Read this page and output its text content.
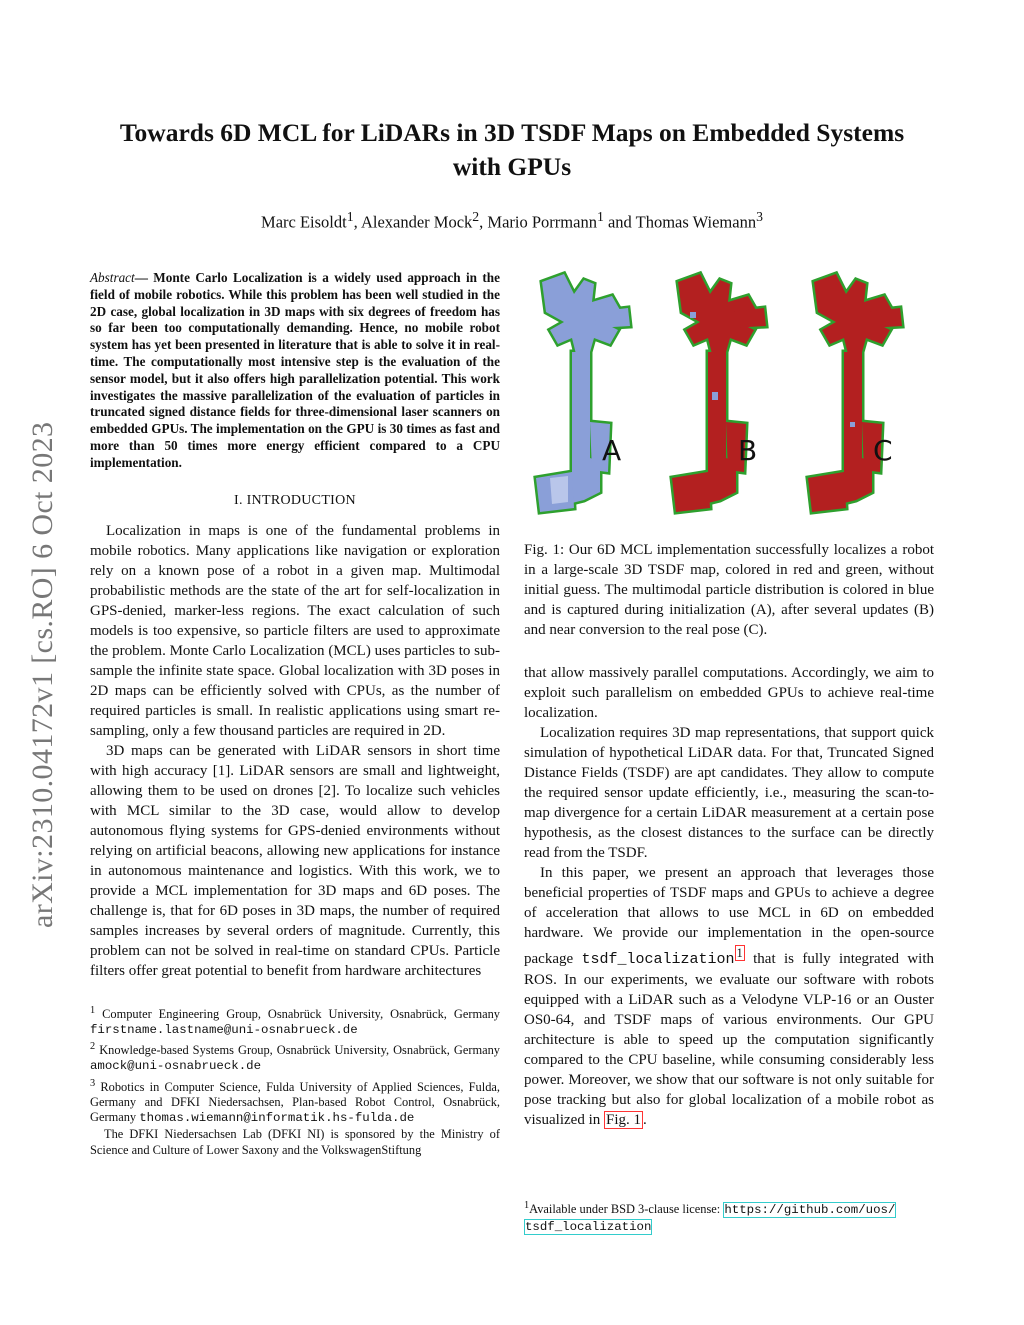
Towards 6D MCL for LiDARs in 3D TSDF Maps on Embedded Systems
with GPUs
Marc Eisoldt$^1$, Alexander Mock$^2$, Mario Porrmann$^1$ and Thomas Wiemann$^3$
arXiv:2310.04172v1 [cs.RO] 6 Oct 2023
Abstract— Monte Carlo Localization is a widely used approach in the field of mobile robotics. While this problem has been well studied in the 2D case, global localization in 3D maps with six degrees of freedom has so far been too computationally demanding. Hence, no mobile robot system has yet been presented in literature that is able to solve it in real-time. The computationally most intensive step is the evaluation of the sensor model, but it also offers high parallelization potential. This work investigates the massive parallelization of the evaluation of particles in truncated signed distance fields for three-dimensional laser scanners on embedded GPUs. The implementation on the GPU is 30 times as fast and more than 50 times more energy efficient compared to a CPU implementation.
I. INTRODUCTION

Localization in maps is one of the fundamental problems in mobile robotics. Many applications like navigation or exploration rely on a known pose of a robot in a given map. Multimodal probabilistic methods are the state of the art for self-localization in GPS-denied, marker-less regions. The exact calculation of such models is too expensive, so particle filters are used to approximate the problem. Monte Carlo Localization (MCL) uses particles to sub-sample the infinite state space. Global localization with 3D poses in 2D maps can be efficiently solved with CPUs, as the number of required particles is small. In realistic applications using smart re-sampling, only a few thousand particles are required in 2D.

3D maps can be generated with LiDAR sensors in short time with high accuracy [1]. LiDAR sensors are small and lightweight, allowing them to be used on drones [2]. To localize such vehicles with MCL similar to the 3D case, would allow to develop autonomous flying systems for GPS-denied environments without relying on artificial beacons, allowing new applications for instance in autonomous maintenance and logistics. With this work, we to provide a MCL implementation for 3D maps and 6D poses. The challenge is, that for 6D poses in 3D maps, the number of required samples increases by several orders of magnitude. Currently, this problem can not be solved in real-time on standard CPUs. Particle filters offer great potential to benefit from hardware architectures

$^1$ Computer Engineering Group, Osnabrück University, Osnabrück, Germany firstname.lastname@uni-osnabrueck.de
$^2$ Knowledge-based Systems Group, Osnabrück University, Osnabrück, Germany amock@uni-osnabrueck.de
$^3$ Robotics in Computer Science, Fulda University of Applied Sciences, Fulda, Germany and DFKI Niedersachsen, Plan-based Robot Control, Osnabrück, Germany thomas.wiemann@informatik.hs-fulda.de
The DFKI Niedersachsen Lab (DFKI NI) is sponsored by the Ministry of Science and Culture of Lower Saxony and the VolkswagenStiftung
A	B	C
Fig. 1: Our 6D MCL implementation successfully localizes a robot in a large-scale 3D TSDF map, colored in red and green, without initial guess. The multimodal particle distribution is colored in blue and is captured during initialization (A), after several updates (B) and near conversion to the real pose (C).

that allow massively parallel computations. Accordingly, we aim to exploit such parallelism on embedded GPUs to achieve real-time localization.

Localization requires 3D map representations, that support quick simulation of hypothetical LiDAR data. For that, Truncated Signed Distance Fields (TSDF) are apt candidates. They allow to compute the required sensor update efficiently, i.e., measuring the scan-to-map divergence for a certain LiDAR measurement at a certain pose hypothesis, as the closest distances to the surface can be directly read from the TSDF.

In this paper, we present an approach that leverages those beneficial properties of TSDF maps and GPUs to achieve a degree of acceleration that allows to use MCL in 6D on embedded hardware. We provide our implementation in the open-source package tsdf_localization $^1$ that is fully integrated with ROS. In our experiments, we evaluate our software with robots equipped with a LiDAR such as a Velodyne VLP-16 or an Ouster OS0-64, and TSDF maps of various environments. Our GPU architecture is able to speed up the computation significantly compared to the CPU baseline, while consuming considerably less power. Moreover, we show that our software is not only suitable for pose tracking but also for global localization of a mobile robot as visualized in Fig. 1 .

$^1$Available under BSD 3-clause license: https://github.com/uos/
tsdf_localization
